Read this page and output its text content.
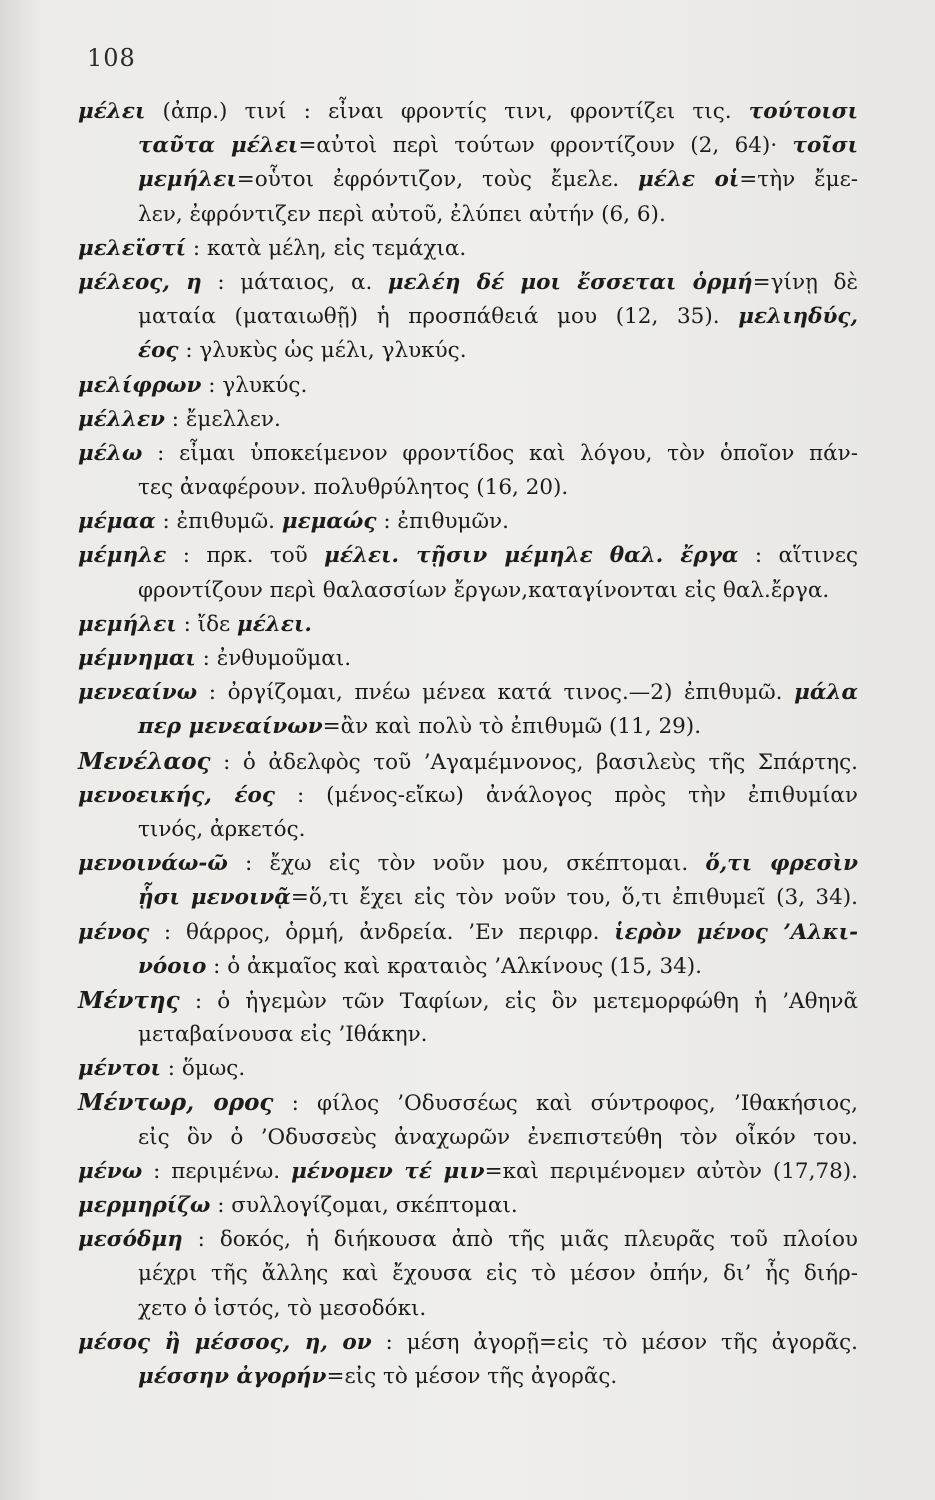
108
μέλει (ἀπρ.) τινί : εἶναι φροντίς τινι, φροντίζει τις. τούτοισι
ταῦτα μέλει=αὐτοὶ περὶ τούτων φροντίζουν (2, 64)· τοῖσι
μεμήλει=οὗτοι ἐφρόντιζον, τοὺς ἔμελε. μέλε οἱ=τὴν ἔμε-
λεν, ἐφρόντιζεν περὶ αὐτοῦ, ἐλύπει αὐτήν (6, 6).
μελεϊστί : κατὰ μέλη, εἰς τεμάχια.
μέλεος, η : μάταιος, α. μελέη δέ μοι ἔσσεται ὁρμή=γίνῃ δὲ
ματαία (ματαιωθῇ) ἡ προσπάθειά μου (12, 35). μελιηδύς,
έος : γλυκὺς ὡς μέλι, γλυκύς.
μελίφρων : γλυκύς.
μέλλεν : ἔμελλεν.
μέλω : εἶμαι ὑποκείμενον φροντίδος καὶ λόγου, τὸν ὁποῖον πάν-
τες ἀναφέρουν. πολυθρύλητος (16, 20).
μέμαα : ἐπιθυμῶ. μεμαώς : ἐπιθυμῶν.
μέμηλε : πρκ. τοῦ μέλει. τῇσιν μέμηλε θαλ. ἔργα : αἵτινες
φροντίζουν περὶ θαλασσίων ἔργων,καταγίνονται εἰς θαλ.ἔργα.
μεμήλει : ἴδε μέλει.
μέμνημαι : ἐνθυμοῦμαι.
μενεαίνω : ὀργίζομαι, πνέω μένεα κατά τινος.—2) ἐπιθυμῶ. μάλα
περ μενεαίνων=ἂν καὶ πολὺ τὸ ἐπιθυμῶ (11, 29).
Μενέλαος : ὁ ἀδελφὸς τοῦ ’Αγαμέμνονος, βασιλεὺς τῆς Σπάρτης.
μενοεικής, έος : (μένος-εἴκω) ἀνάλογος πρὸς τὴν ἐπιθυμίαν
τινός, ἀρκετός.
μενοινάω-ῶ : ἔχω εἰς τὸν νοῦν μου, σκέπτομαι. ὅ,τι φρεσὶν
ᾗσι μενοινᾷ=ὅ,τι ἔχει εἰς τὸν νοῦν του, ὅ,τι ἐπιθυμεῖ (3, 34).
μένος : θάρρος, ὁρμή, ἀνδρεία. ’Εν περιφρ. ἱερὸν μένος ’Αλκι-
νόοιο : ὁ ἀκμαῖος καὶ κραταιὸς ’Αλκίνους (15, 34).
Μέντης : ὁ ἡγεμὼν τῶν Ταφίων, εἰς ὃν μετεμορφώθη ἡ ’Αθηνᾶ
μεταβαίνουσα εἰς ’Ιθάκην.
μέντοι : ὅμως.
Μέντωρ, ορος : φίλος ’Οδυσσέως καὶ σύντροφος, ’Ιθακήσιος,
εἰς ὃν ὁ ’Οδυσσεὺς ἀναχωρῶν ἐνεπιστεύθη τὸν οἶκόν του.
μένω : περιμένω. μένομεν τέ μιν=καὶ περιμένομεν αὐτὸν (17,78).
μερμηρίζω : συλλογίζομαι, σκέπτομαι.
μεσόδμη : δοκός, ἡ διήκουσα ἀπὸ τῆς μιᾶς πλευρᾶς τοῦ πλοίου
μέχρι τῆς ἄλλης καὶ ἔχουσα εἰς τὸ μέσον ὀπήν, δι’ ἧς διήρ-
χετο ὁ ἱστός, τὸ μεσοδόκι.
μέσος ἢ μέσσος, η, ον : μέση ἀγορῇ=εἰς τὸ μέσον τῆς ἀγορᾶς.
μέσσην ἀγορήν=εἰς τὸ μέσον τῆς ἀγορᾶς.
